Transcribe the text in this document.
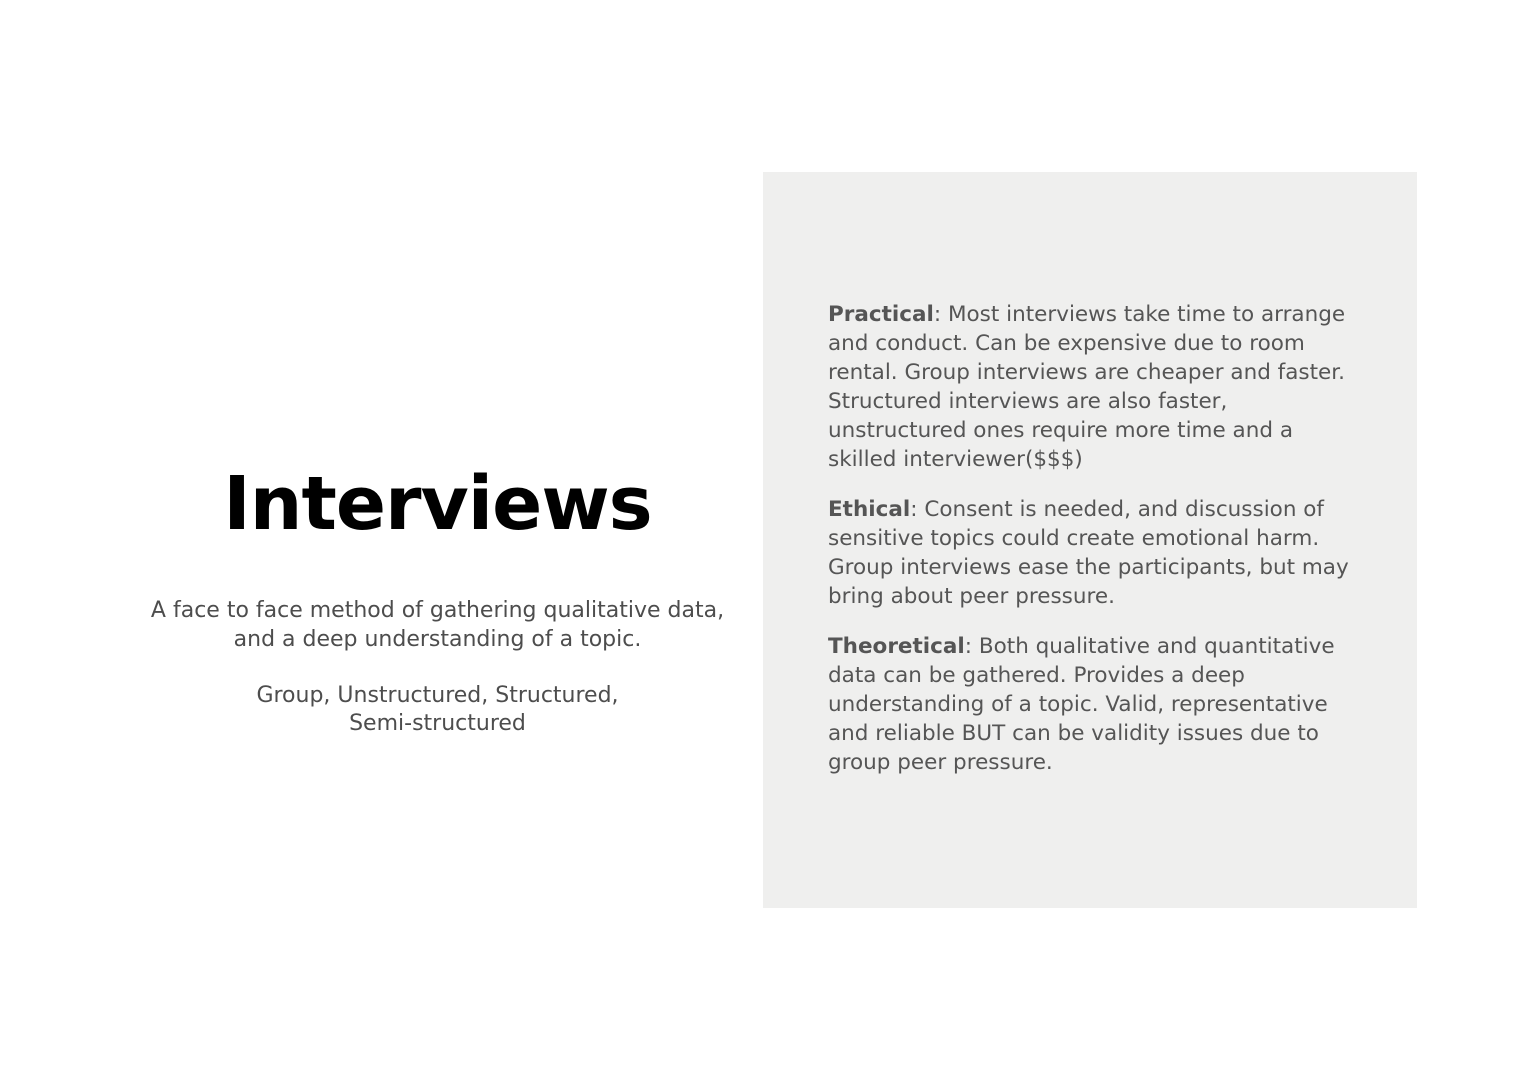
Interviews

A face to face method of gathering qualitative data, and a deep understanding of a topic.

Group, Unstructured, Structured,
Semi-structured

Practical: Most interviews take time to arrange and conduct. Can be expensive due to room rental. Group interviews are cheaper and faster. Structured interviews are also faster, unstructured ones require more time and a skilled interviewer($$$)

Ethical: Consent is needed, and discussion of sensitive topics could create emotional harm. Group interviews ease the participants, but may bring about peer pressure.

Theoretical: Both qualitative and quantitative data can be gathered. Provides a deep understanding of a topic. Valid, representative and reliable BUT can be validity issues due to group peer pressure.
